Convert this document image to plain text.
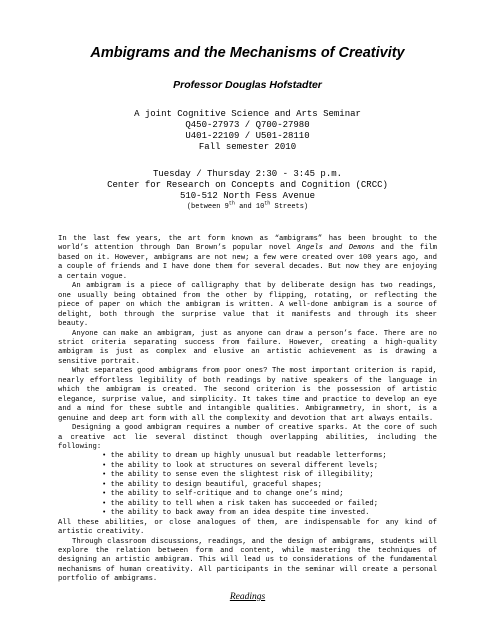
Ambigrams and the Mechanisms of Creativity
Professor Douglas Hofstadter
A joint Cognitive Science and Arts Seminar
Q450-27973 / Q700-27980
U401-22109 / U501-28110
Fall semester 2010
Tuesday / Thursday 2:30 - 3:45 p.m.
Center for Research on Concepts and Cognition (CRCC)
510-512 North Fess Avenue
(between 9th and 10th Streets)

In the last few years, the art form known as “ambigrams” has been brought to the world’s attention through Dan Brown’s popular novel Angels and Demons and the film based on it. However, ambigrams are not new; a few were created over 100 years ago, and a couple of friends and I have done them for several decades. But now they are enjoying a certain vogue.

An ambigram is a piece of calligraphy that by deliberate design has two readings, one usually being obtained from the other by flipping, rotating, or reflecting the piece of paper on which the ambigram is written. A well-done ambigram is a source of delight, both through the surprise value that it manifests and through its sheer beauty.

Anyone can make an ambigram, just as anyone can draw a person’s face. There are no strict criteria separating success from failure. However, creating a high-quality ambigram is just as complex and elusive an artistic achievement as is drawing a sensitive portrait.

What separates good ambigrams from poor ones? The most important criterion is rapid, nearly effortless legibility of both readings by native speakers of the language in which the ambigram is created. The second criterion is the possession of artistic elegance, surprise value, and simplicity. It takes time and practice to develop an eye and a mind for these subtle and intangible qualities. Ambigrammetry, in short, is a genuine and deep art form with all the complexity and devotion that art always entails.

Designing a good ambigram requires a number of creative sparks. At the core of such a creative act lie several distinct though overlapping abilities, including the following:

• the ability to dream up highly unusual but readable letterforms;

• the ability to look at structures on several different levels;

• the ability to sense even the slightest risk of illegibility;

• the ability to design beautiful, graceful shapes;

• the ability to self-critique and to change one’s mind;

• the ability to tell when a risk taken has succeeded or failed;

• the ability to back away from an idea despite time invested.

All these abilities, or close analogues of them, are indispensable for any kind of artistic creativity.

Through classroom discussions, readings, and the design of ambigrams, students will explore the relation between form and content, while mastering the techniques of designing an artistic ambigram. This will lead us to considerations of the fundamental mechanisms of human creativity. All participants in the seminar will create a personal portfolio of ambigrams.

Readings
